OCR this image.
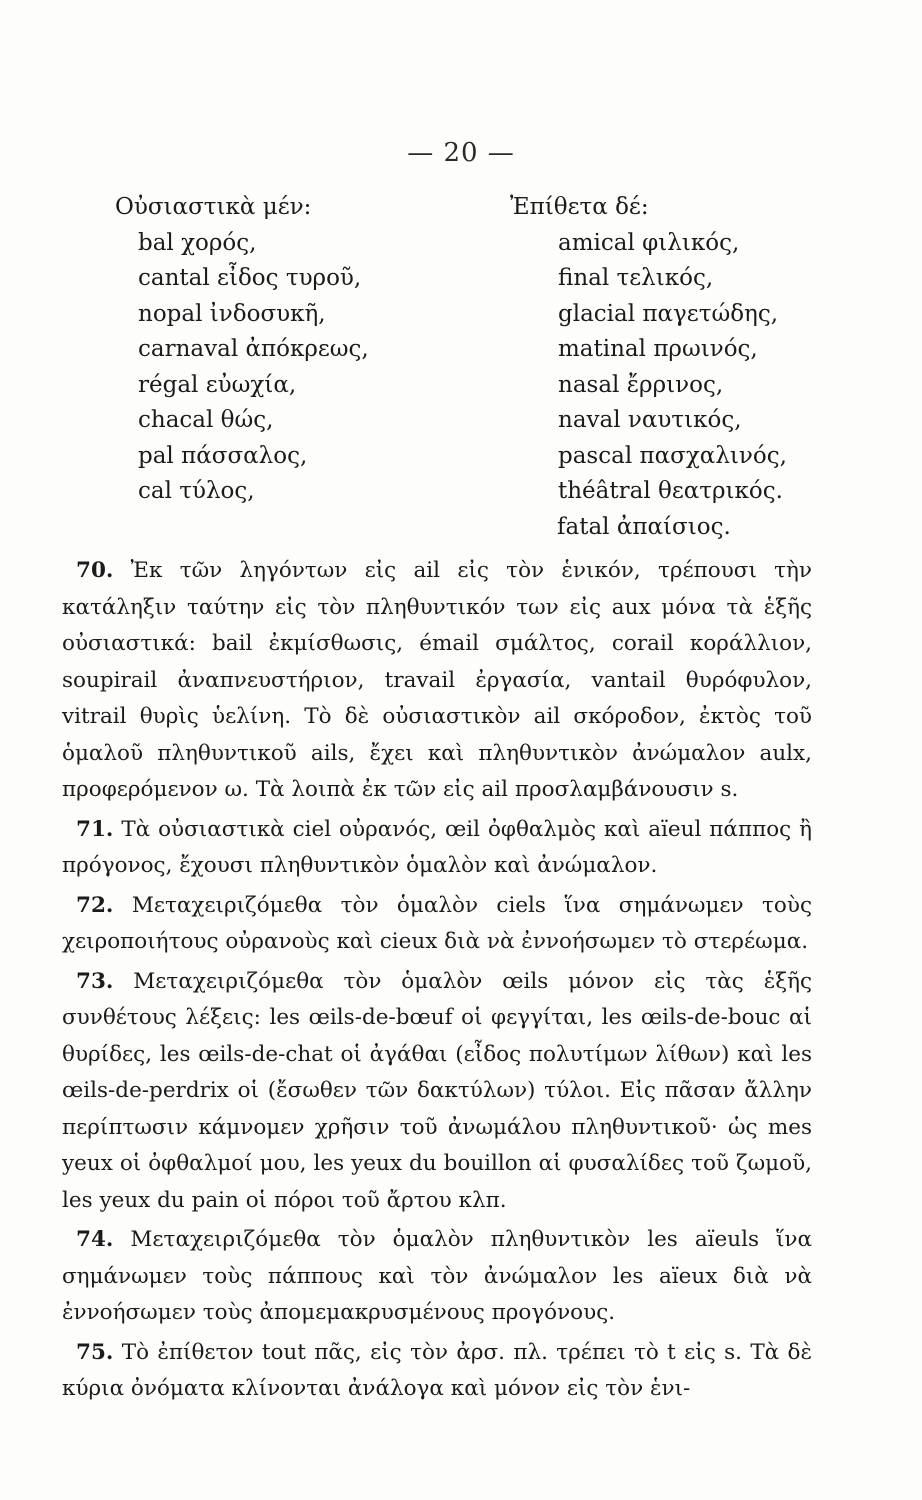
— 20 —
Οὐσιαστικὰ μέν:
bal χορός,
cantal εἶδος τυροῦ,
nopal ἰνδοσυκῆ,
carnaval ἀπόκρεως,
régal εὐωχία,
chacal θώς,
pal πάσσαλος,
cal τύλος,
Ἐπίθετα δέ:
amical φιλικός,
final τελικός,
glacial παγετώδης,
matinal πρωινός,
nasal ἔρρινος,
naval ναυτικός,
pascal πασχαλινός,
théâtral θεατρικός.
fatal ἀπαίσιος.

70. Ἐκ τῶν ληγόντων εἰς ail εἰς τὸν ἑνικόν, τρέπουσι τὴν κατάληξιν ταύτην εἰς τὸν πληθυντικόν των εἰς aux μόνα τὰ ἑξῆς οὐσιαστικά: bail ἐκμίσθωσις, émail σμάλτος, corail κοράλλιον, soupirail ἀναπνευστήριον, travail ἐργασία, vantail θυρόφυλον, vitrail θυρὶς ὑελίνη. Τὸ δὲ οὐσιαστικὸν ail σκόροδον, ἐκτὸς τοῦ ὁμαλοῦ πληθυντικοῦ ails, ἔχει καὶ πληθυντικὸν ἀνώμαλον aulx, προφερόμενον ω. Τὰ λοιπὰ ἐκ τῶν εἰς ail προσλαμβάνουσιν s.

71. Τὰ οὐσιαστικὰ ciel οὐρανός, œil ὀφθαλμὸς καὶ aïeul πάππος ἢ πρόγονος, ἔχουσι πληθυντικὸν ὁμαλὸν καὶ ἀνώμαλον.

72. Μεταχειριζόμεθα τὸν ὁμαλὸν ciels ἵνα σημάνωμεν τοὺς χειροποιήτους οὐρανοὺς καὶ cieux διὰ νὰ ἐννοήσωμεν τὸ στερέωμα.

73. Μεταχειριζόμεθα τὸν ὁμαλὸν œils μόνον εἰς τὰς ἑξῆς συνθέτους λέξεις: les œils-de-bœuf οἱ φεγγίται, les œils-de-bouc αἱ θυρίδες, les œils-de-chat οἱ ἀγάθαι (εἶδος πολυτίμων λίθων) καὶ les œils-de-perdrix οἱ (ἔσωθεν τῶν δακτύλων) τύλοι. Εἰς πᾶσαν ἄλλην περίπτωσιν κάμνομεν χρῆσιν τοῦ ἀνωμάλου πληθυντικοῦ· ὡς mes yeux οἱ ὀφθαλμοί μου, les yeux du bouillon αἱ φυσαλίδες τοῦ ζωμοῦ, les yeux du pain οἱ πόροι τοῦ ἄρτου κλπ.

74. Μεταχειριζόμεθα τὸν ὁμαλὸν πληθυντικὸν les aïeuls ἵνα σημάνωμεν τοὺς πάππους καὶ τὸν ἀνώμαλον les aïeux διὰ νὰ ἐννοήσωμεν τοὺς ἀπομεμακρυσμένους προγόνους.

75. Τὸ ἐπίθετον tout πᾶς, εἰς τὸν ἀρσ. πλ. τρέπει τὸ t εἰς s. Τὰ δὲ κύρια ὀνόματα κλίνονται ἀνάλογα καὶ μόνον εἰς τὸν ἑνι-
